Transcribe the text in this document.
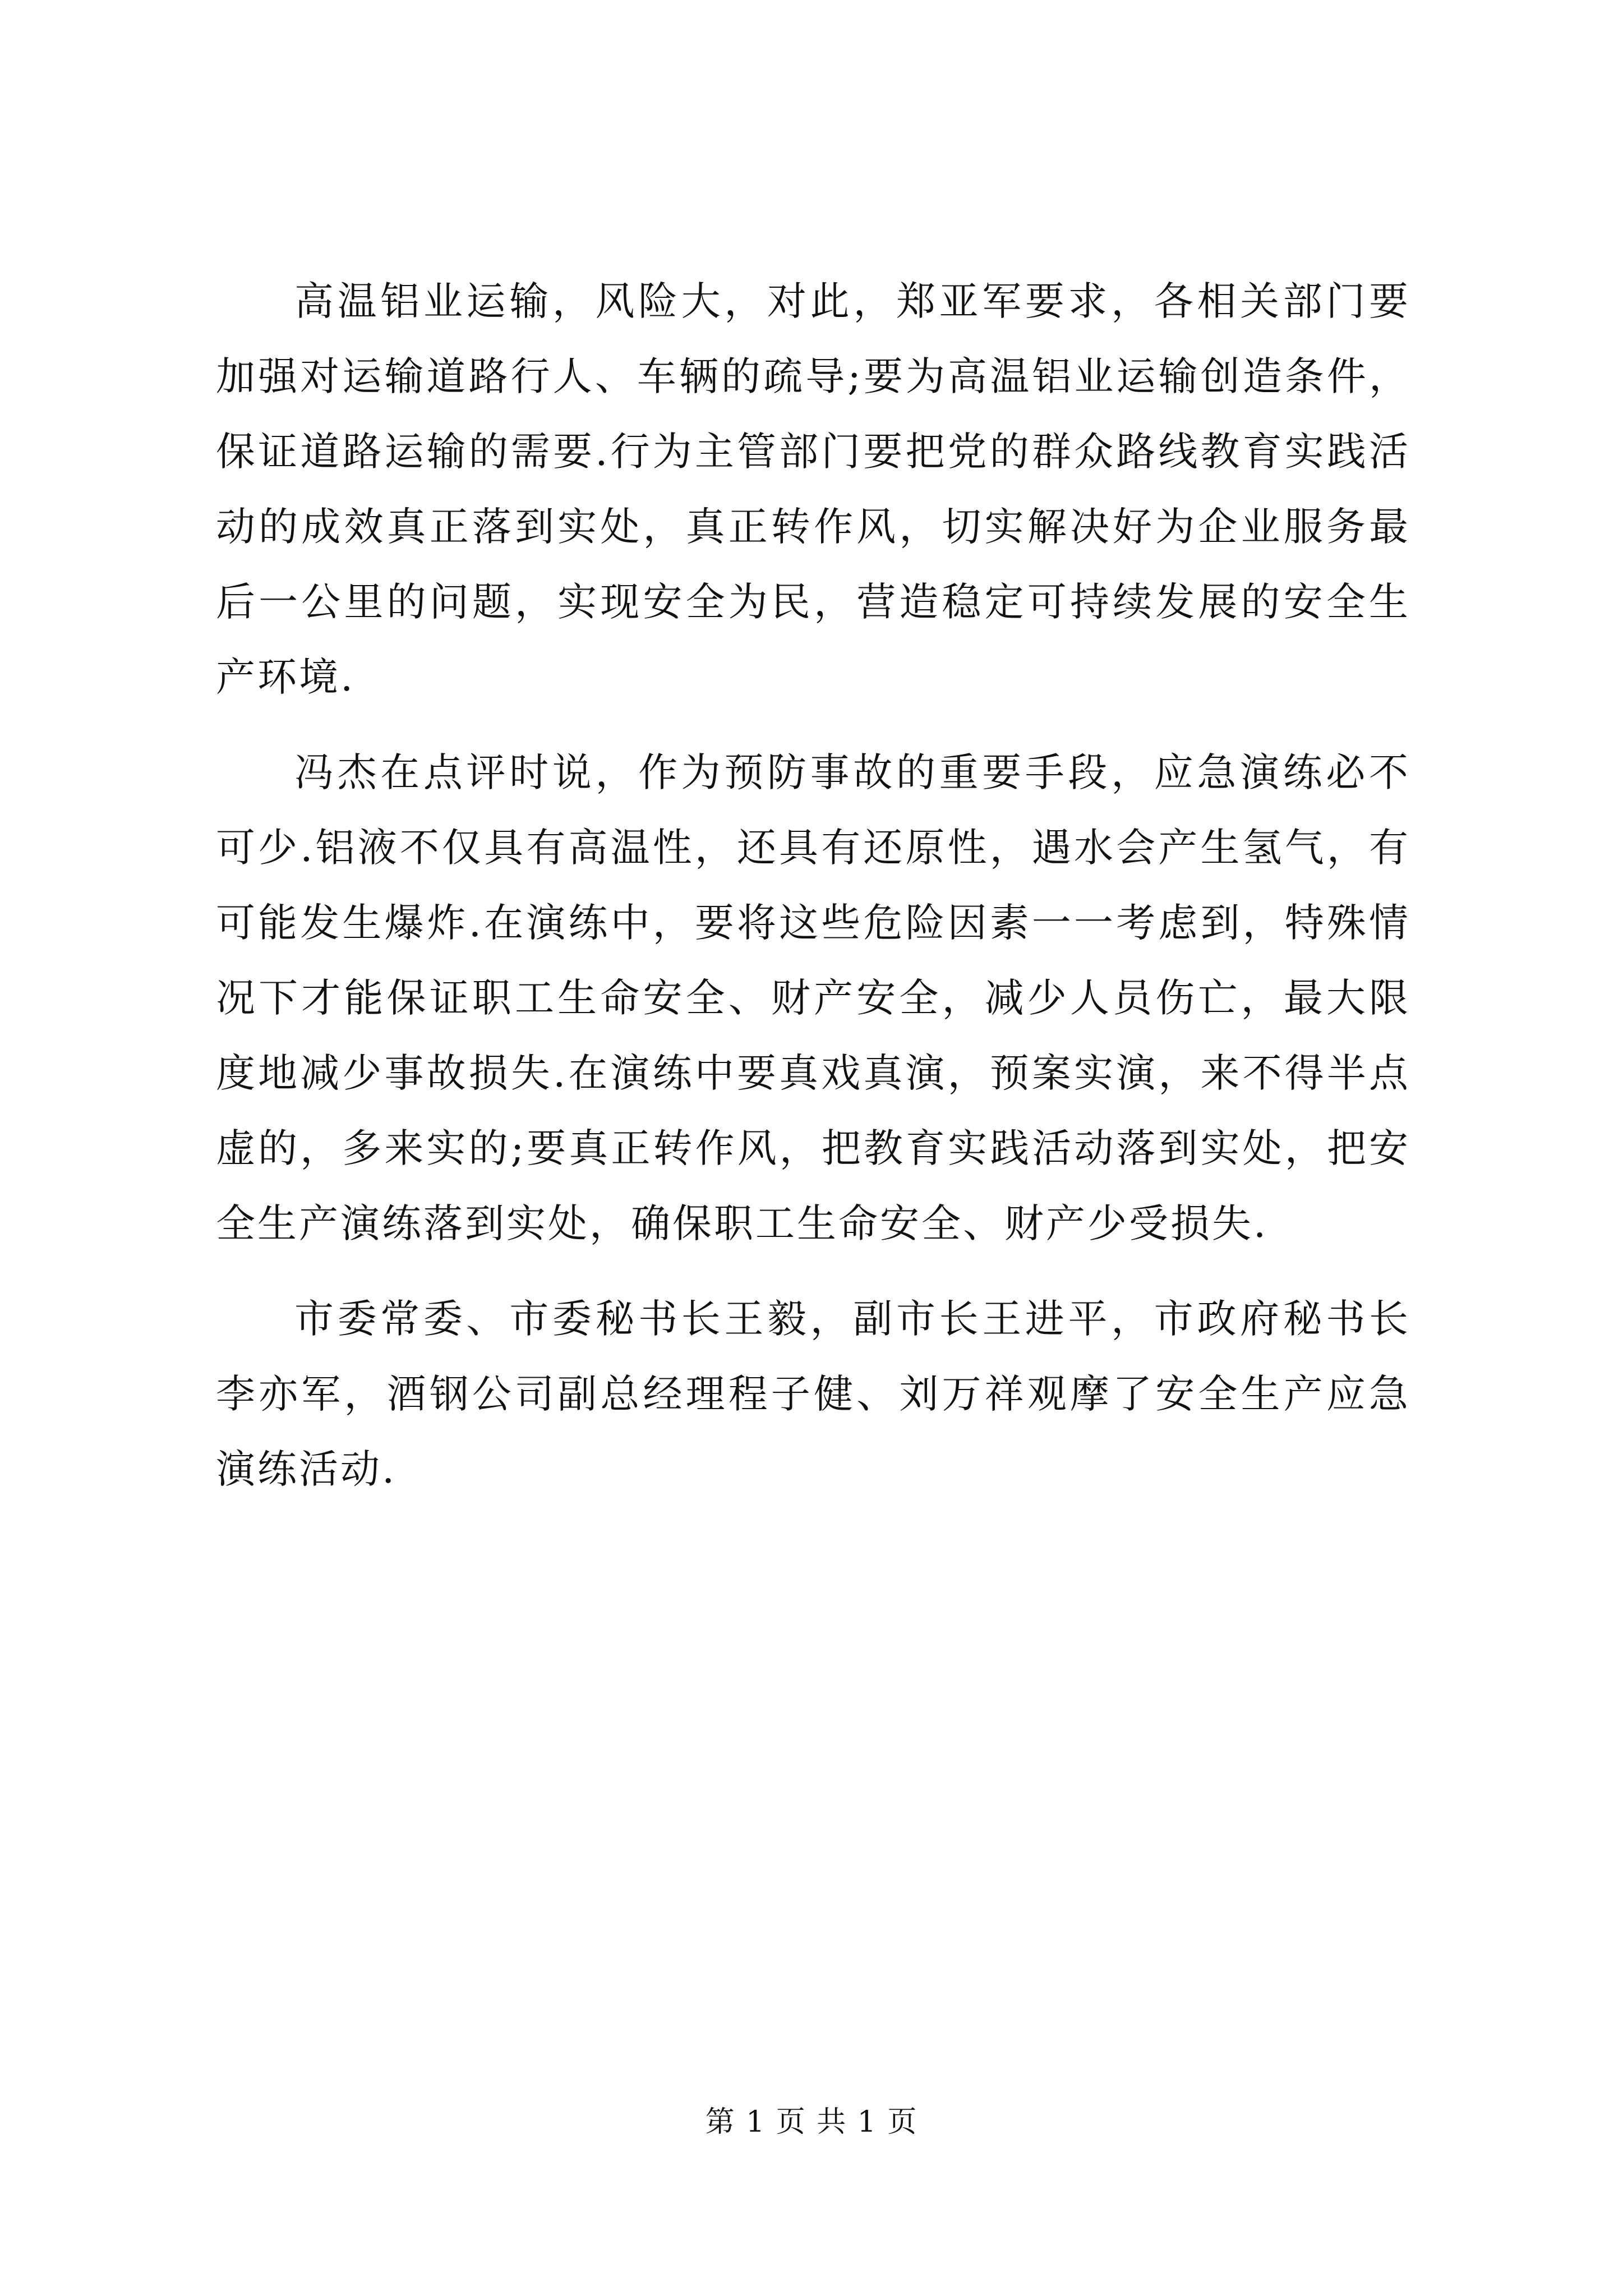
高温铝业运输，风险大，对此，郑亚军要求，各相关部门要加强对运输道路行人、车辆的疏导;要为高温铝业运输创造条件，保证道路运输的需要.行为主管部门要把党的群众路线教育实践活动的成效真正落到实处，真正转作风，切实解决好为企业服务最后一公里的问题，实现安全为民，营造稳定可持续发展的安全生产环境.

冯杰在点评时说，作为预防事故的重要手段，应急演练必不可少.铝液不仅具有高温性，还具有还原性，遇水会产生氢气，有可能发生爆炸.在演练中，要将这些危险因素一一考虑到，特殊情况下才能保证职工生命安全、财产安全，减少人员伤亡，最大限度地减少事故损失.在演练中要真戏真演，预案实演，来不得半点虚的，多来实的;要真正转作风，把教育实践活动落到实处，把安全生产演练落到实处，确保职工生命安全、财产少受损失.

市委常委、市委秘书长王毅，副市长王进平，市政府秘书长李亦军，酒钢公司副总经理程子健、刘万祥观摩了安全生产应急演练活动.

第 1 页 共 1 页
